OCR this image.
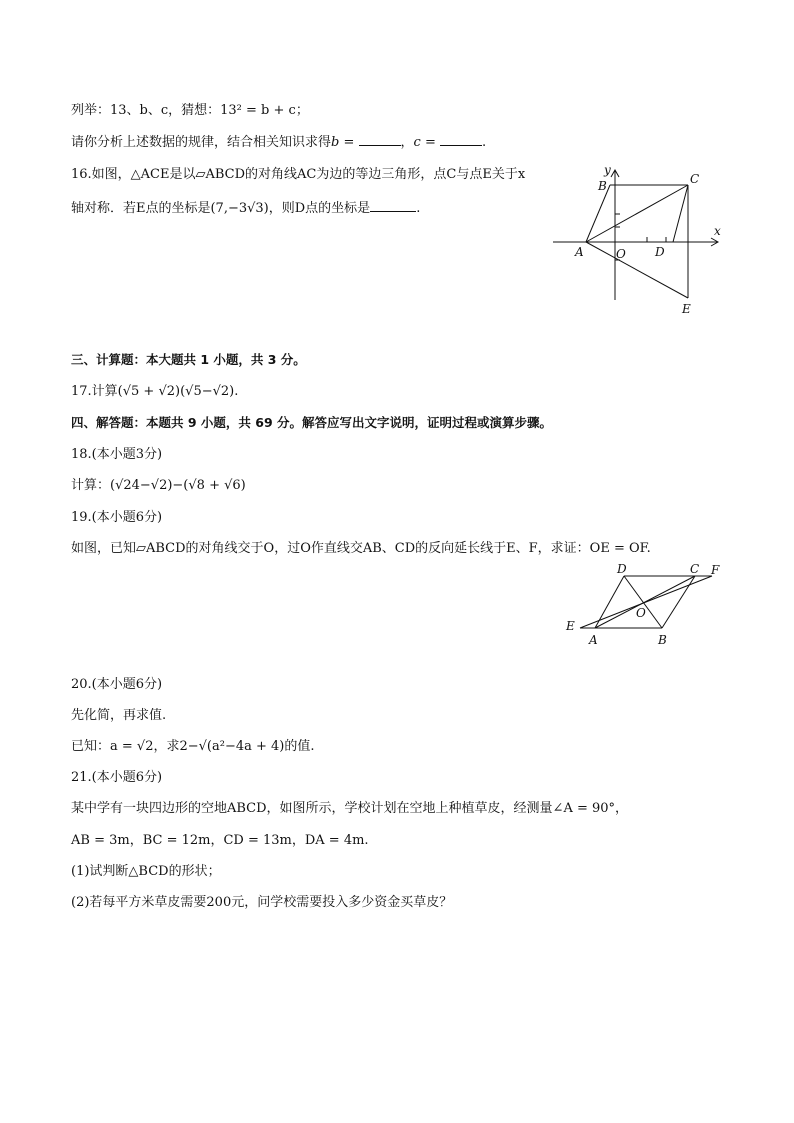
列举：13、b、c，猜想：13² = b + c；
请你分析上述数据的规律，结合相关知识求得b =	，c =	.
16.如图，△ACE是以▱ABCD的对角线AC为边的等边三角形，点C与点E关于x
轴对称．若E点的坐标是(7,−3√3)，则D点的坐标是	.
y
x
B	C
A	O D
E
三、计算题：本大题共 1 小题，共 3 分。
17.计算(√5 + √2)(√5−√2).
四、解答题：本题共 9 小题，共 69 分。解答应写出文字说明，证明过程或演算步骤。
18.(本小题3分)
计算：(√24−√2)−(√8 + √6)
19.(本小题6分)
如图，已知▱ABCD的对角线交于O，过O作直线交AB、CD的反向延长线于E、F，求证：OE = OF.
D	C F
O
E
A	B
20.(本小题6分)
先化简，再求值.
已知：a = √2，求2−√(a²−4a + 4)的值.
21.(本小题6分)
某中学有一块四边形的空地ABCD，如图所示，学校计划在空地上种植草皮，经测量∠A = 90°，
AB = 3m，BC = 12m，CD = 13m，DA = 4m.
(1)试判断△BCD的形状；
(2)若每平方米草皮需要200元，问学校需要投入多少资金买草皮？
